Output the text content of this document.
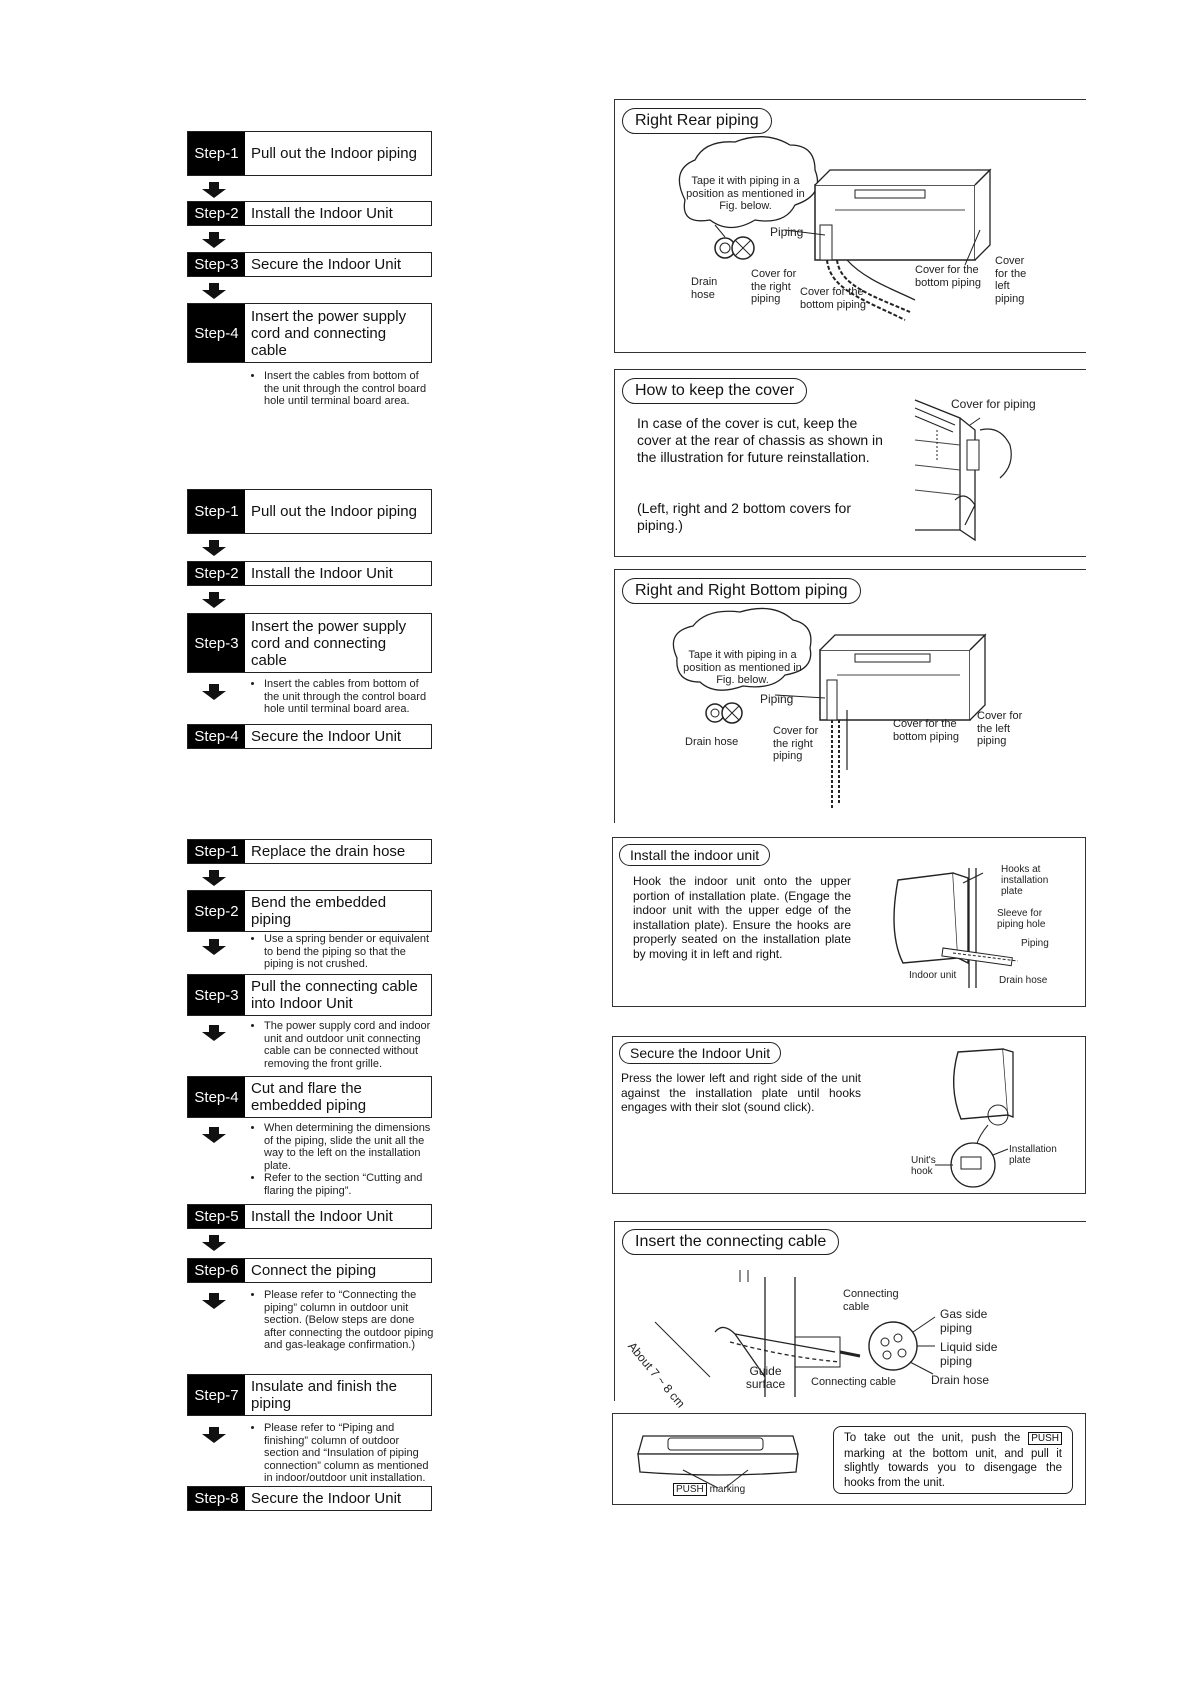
Step-1 Pull out the Indoor piping
Step-2 Install the Indoor Unit
Step-3 Secure the Indoor Unit
Step-4
Insert the power supply cord and connecting cable
• Insert the cables from bottom of the unit through the control board hole until terminal board area.
Step-1 Pull out the Indoor piping
Step-2 Install the Indoor Unit
Step-3
Insert the power supply cord and connecting cable
• Insert the cables from bottom of the unit through the control board hole until terminal board area.
Step-4 Secure the Indoor Unit
Step-1 Replace the drain hose
Step-2 Bend the embedded piping
• Use a spring bender or equivalent to bend the piping so that the piping is not crushed.
Step-3 Pull the connecting cable into Indoor Unit
• The power supply cord and indoor unit and outdoor unit connecting cable can be connected without removing the front grille.
Step-4 Cut and flare the embedded piping
• When determining the dimensions of the piping, slide the unit all the way to the left on the installation plate.
• Refer to the section “Cutting and flaring the piping”.
Step-5 Install the Indoor Unit
Step-6 Connect the piping
• Please refer to “Connecting the piping” column in outdoor unit section. (Below steps are done after connecting the outdoor piping and gas-leakage confirmation.)
Step-7 Insulate and finish the piping
• Please refer to “Piping and finishing” column of outdoor section and “Insulation of piping connection” column as mentioned in indoor/outdoor unit installation.
Step-8 Secure the Indoor Unit
Right Rear piping
Tape it with piping in a position as mentioned in Fig. below.
Piping
Drain hose
Cover for the right piping
Cover for the bottom piping
Cover for the bottom piping
Cover for the left piping
How to keep the cover
In case of the cover is cut, keep the cover at the rear of chassis as shown in the illustration for future reinstallation.
(Left, right and 2 bottom covers for piping.)
Cover for piping
Right and Right Bottom piping
Tape it with piping in a position as mentioned in Fig. below.
Piping
Drain hose
Cover for the right piping
Cover for the bottom piping
Cover for the left piping
Install the indoor unit
Hook the indoor unit onto the upper portion of installation plate. (Engage the indoor unit with the upper edge of the installation plate). Ensure the hooks are properly seated on the installation plate by moving it in left and right.
Hooks at installation plate
Sleeve for piping hole
Piping
Indoor unit	Drain hose
Secure the Indoor Unit
Press the lower left and right side of the unit against the installation plate until hooks engages with their slot (sound click).
Unit's hook
Installation plate
Insert the connecting cable
About 7 ~ 8 cm	Guide surface
Connecting cable
Connecting cable
Gas side piping
Liquid side piping
Drain hose
PUSH marking
To take out the unit, push the PUSH marking at the bottom unit, and pull it slightly towards you to disengage the hooks from the unit.
